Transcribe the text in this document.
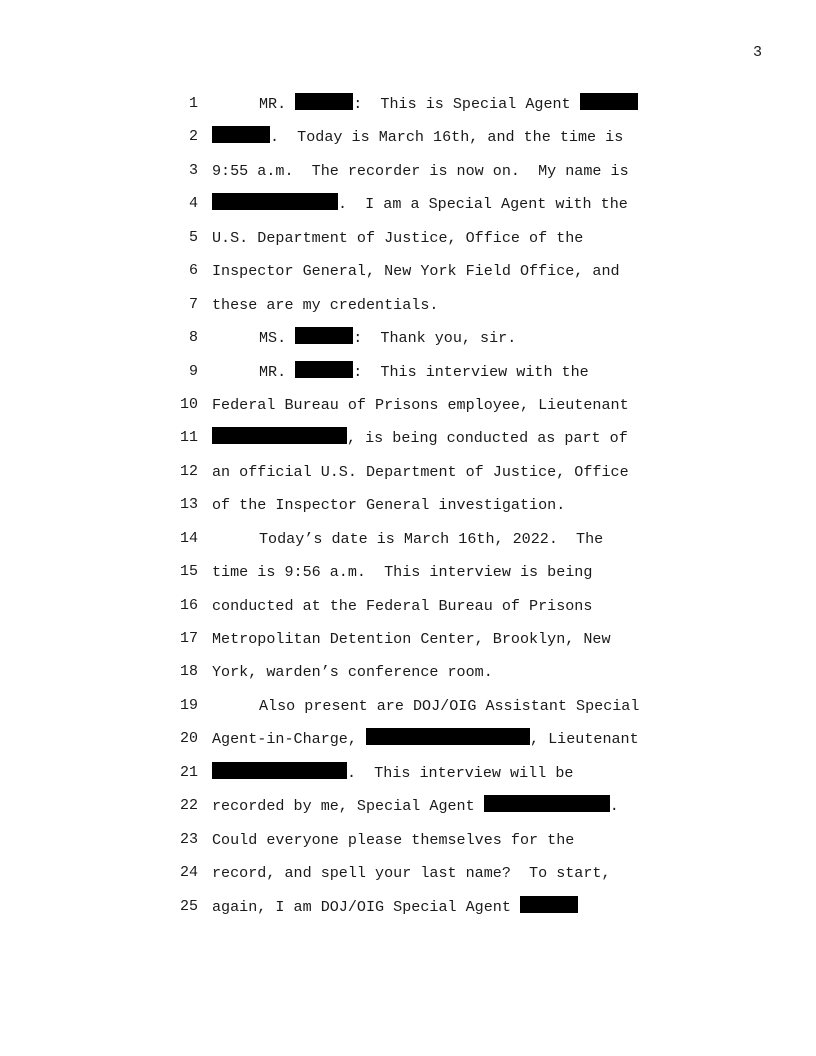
3
1	MR.	:  This is Special Agent
2	.  Today is March 16th, and the time is
3 9:55 a.m.  The recorder is now on.  My name is
4	.  I am a Special Agent with the
5 U.S. Department of Justice, Office of the
6 Inspector General, New York Field Office, and
7 these are my credentials.
8	MS.	:  Thank you, sir.
9	MR.	:  This interview with the
10 Federal Bureau of Prisons employee, Lieutenant
11	, is being conducted as part of
12 an official U.S. Department of Justice, Office
13 of the Inspector General investigation.
14	Today’s date is March 16th, 2022.  The
15 time is 9:56 a.m.  This interview is being
16 conducted at the Federal Bureau of Prisons
17 Metropolitan Detention Center, Brooklyn, New
18 York, warden’s conference room.
19	Also present are DOJ/OIG Assistant Special
20 Agent-in-Charge,	, Lieutenant
21	.  This interview will be
22 recorded by me, Special Agent	.
23 Could everyone please themselves for the
24 record, and spell your last name?  To start,
25 again, I am DOJ/OIG Special Agent
